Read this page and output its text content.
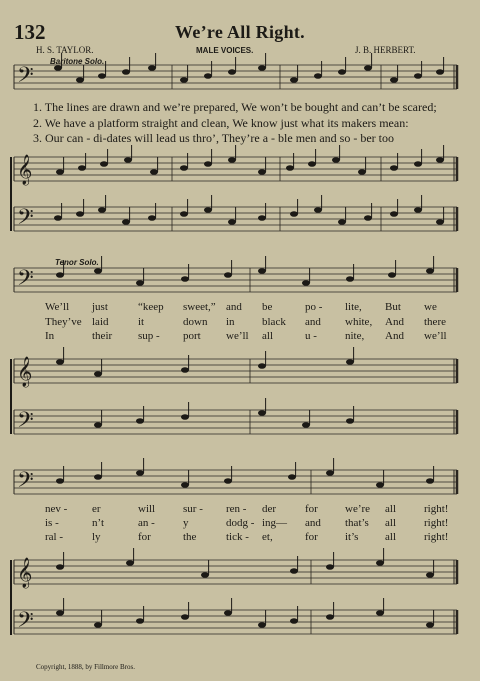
𝄢
𝄞
𝄢
𝄢
𝄞
𝄢
𝄢
𝄞
𝄢
132	We’re All Right.
H. S. TAYLOR.	MALE VOICES.	J. B. HERBERT.
Baritone Solo.
Tenor Solo.
1. The lines are drawn and we’re prepared, We won’t be bought and can’t be scared;
2. We have a platform straight and clean, We know just what its makers mean:
3. Our can - di-dates will lead us thro’, They’re a - ble men and so - ber too
We’ll just	“keep sweet,” and be	po - lite, But we
They’ve laid	it	down in black and white, And there
In	their sup - port we’ll all	u -	nite, And we’ll
nev - er	will	sur - ren - der	for we’re all	right!
is -	n’t	an -	y	dodg - ing— and that’s all	right!
ral -	ly	for	the	tick - et,	for it’s all	right!
Copyright, 1888, by Fillmore Bros.
